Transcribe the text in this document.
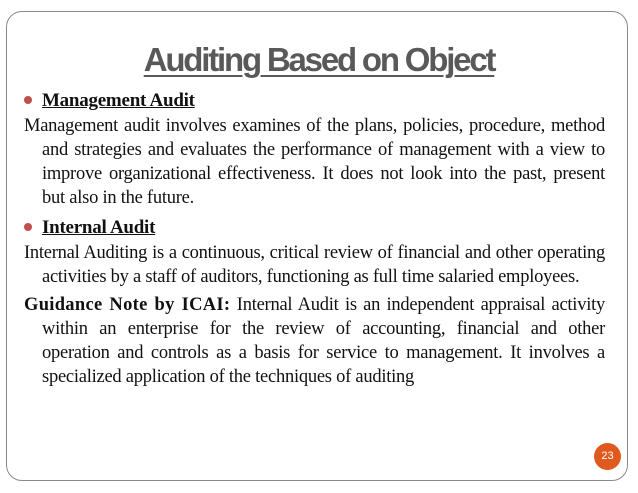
Auditing Based on Object
Management Audit

Management audit involves examines of the plans, policies, procedure, method and strategies and evaluates the performance of management with a view to improve organizational effectiveness. It does not look into the past, present but also in the future.

Internal Audit

Internal Auditing is a continuous, critical review of financial and other operating activities by a staff of auditors, functioning as full time salaried employees.

Guidance Note by ICAI: Internal Audit is an independent appraisal activity within an enterprise for the review of accounting, financial and other operation and controls as a basis for service to management. It involves a specialized application of the techniques of auditing

23
